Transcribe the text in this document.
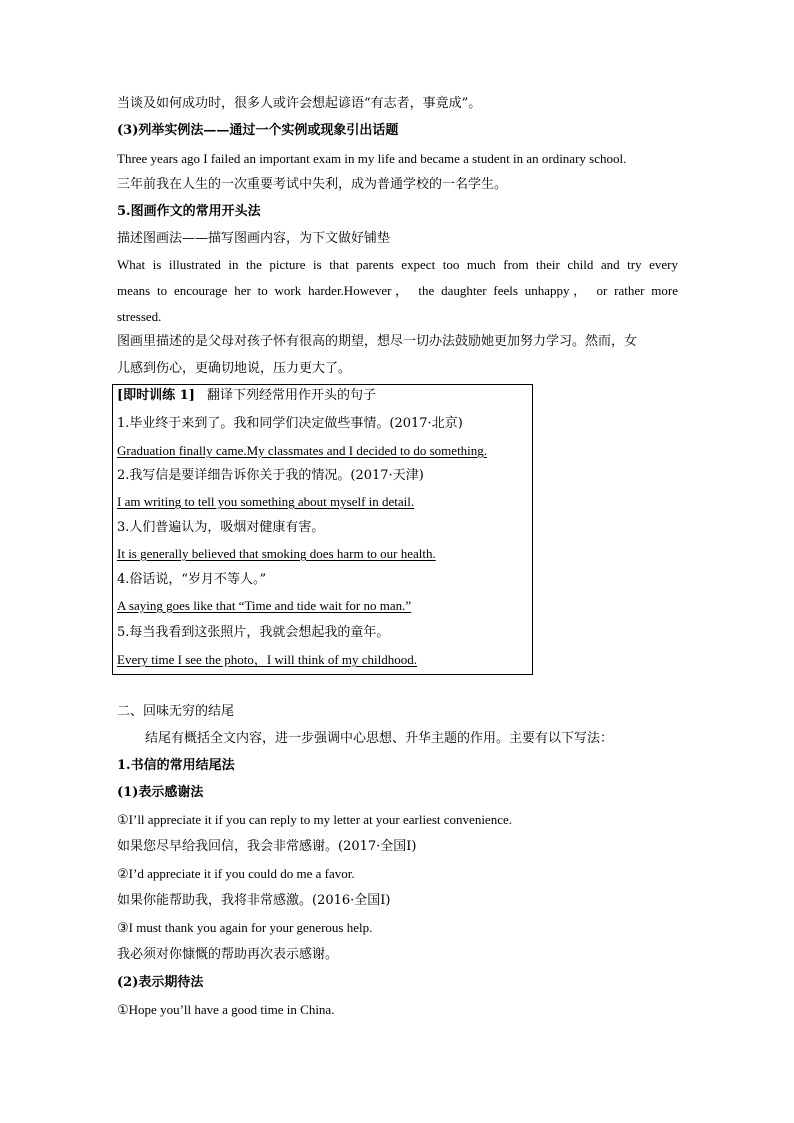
当谈及如何成功时，很多人或许会想起谚语“有志者，事竟成”。
(3)列举实例法——通过一个实例或现象引出话题
Three years ago I failed an important exam in my life and became a student in an ordinary school.
三年前我在人生的一次重要考试中失利，成为普通学校的一名学生。
5.图画作文的常用开头法
描述图画法——描写图画内容，为下文做好铺垫
What is illustrated in the picture is that parents expect too much from their child and try every
means to encourage her to work harder.However， the daughter feels unhappy， or rather more
stressed.
图画里描述的是父母对孩子怀有很高的期望，想尽一切办法鼓励她更加努力学习。然而，女
儿感到伤心，更确切地说，压力更大了。
[即时训练 1] 翻译下列经常用作开头的句子
1.毕业终于来到了。我和同学们决定做些事情。(2017·北京)
Graduation finally came.My classmates and I decided to do something.
2.我写信是要详细告诉你关于我的情况。(2017·天津)
I am writing to tell you something about myself in detail.
3.人们普遍认为，吸烟对健康有害。
It is generally believed that smoking does harm to our health.
4.俗话说，“岁月不等人。”
A saying goes like that “Time and tide wait for no man.”
5.每当我看到这张照片，我就会想起我的童年。
Every time I see the photo，I will think of my childhood.
二、回味无穷的结尾
结尾有概括全文内容，进一步强调中心思想、升华主题的作用。主要有以下写法：
1.书信的常用结尾法
(1)表示感谢法
①I’ll appreciate it if you can reply to my letter at your earliest convenience.
如果您尽早给我回信，我会非常感谢。(2017·全国Ⅰ)
②I’d appreciate it if you could do me a favor.
如果你能帮助我，我将非常感激。(2016·全国Ⅰ)
③I must thank you again for your generous help.
我必须对你慷慨的帮助再次表示感谢。
(2)表示期待法
①Hope you’ll have a good time in China.
